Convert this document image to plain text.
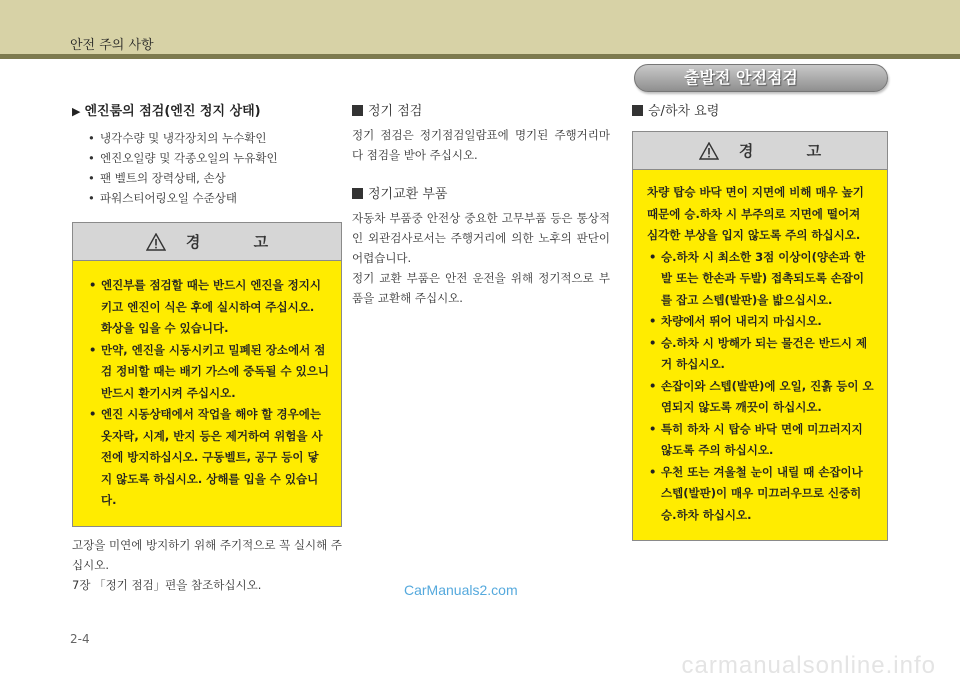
안전 주의 사항
출발전 안전점검
▶ 엔진룸의 점검(엔진 정지 상태)
• 냉각수량 및 냉각장치의 누수확인
• 엔진오일량 및 각종오일의 누유확인
• 팬 벨트의 장력상태, 손상
• 파워스티어링오일 수준상태
경 고
• 엔진부를 점검할 때는 반드시 엔진을 정지시키고 엔진이 식은 후에 실시하여 주십시오.
화상을 입을 수 있습니다.
• 만약, 엔진을 시동시키고 밀폐된 장소에서 점검 정비할 때는 배기 가스에 중독될 수 있으니 반드시 환기시켜 주십시오.
• 엔진 시동상태에서 작업을 해야 할 경우에는 옷자락, 시계, 반지 등은 제거하여 위험을 사전에 방지하십시오. 구동벨트, 공구 등이 닿지 않도록 하십시오. 상해를 입을 수 있습니다.

고장을 미연에 방지하기 위해 주기적으로 꼭 실시해 주십시오.

7장 「정기 점검」편을 참조하십시오.

정기 점검

정기 점검은 정기점검일람표에 명기된 주행거리마다 점검을 받아 주십시오.

정기교환 부품

자동차 부품중 안전상 중요한 고무부품 등은 통상적인 외관검사로서는 주행거리에 의한 노후의 판단이 어렵습니다.

정기 교환 부품은 안전 운전을 위해 정기적으로 부품을 교환해 주십시오.

승/하차 요령
경 고

차량 탑승 바닥 면이 지면에 비해 매우 높기 때문에 승.하차 시 부주의로 지면에 떨어져 심각한 부상을 입지 않도록 주의 하십시오.

• 승.하차 시 최소한 3점 이상이(양손과 한 발 또는 한손과 두발) 접촉되도록 손잡이를 잡고 스텝(발판)을 밟으십시오.
• 차량에서 뛰어 내리지 마십시오.
• 승.하차 시 방해가 되는 물건은 반드시 제거 하십시오.
• 손잡이와 스텝(발판)에 오일, 진흙 등이 오염되지 않도록 깨끗이 하십시오.
• 특히 하차 시 탑승 바닥 면에 미끄러지지 않도록 주의 하십시오.
• 우천 또는 겨울철 눈이 내릴 때 손잡이나 스텝(발판)이 매우 미끄러우므로 신중히 승.하차 하십시오.
CarManuals2.com
2-4
carmanualsonline.info
